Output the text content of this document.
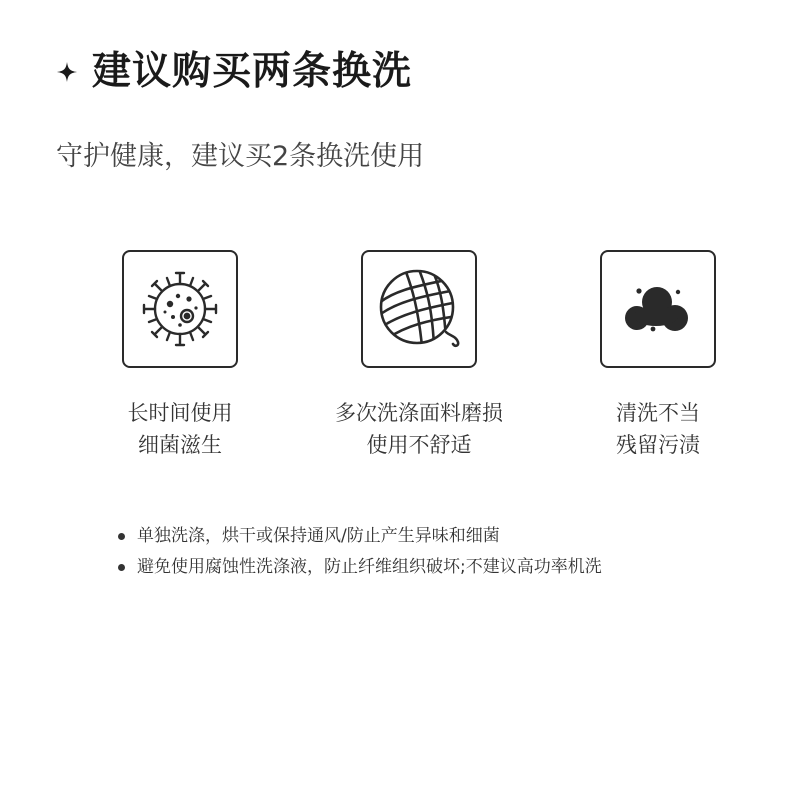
建议购买两条换洗
守护健康，建议买2条换洗使用
长时间使用
细菌滋生
多次洗涤面料磨损
使用不舒适
清洗不当
残留污渍
单独洗涤，烘干或保持通风/防止产生异味和细菌
避免使用腐蚀性洗涤液，防止纤维组织破坏;不建议高功率机洗
